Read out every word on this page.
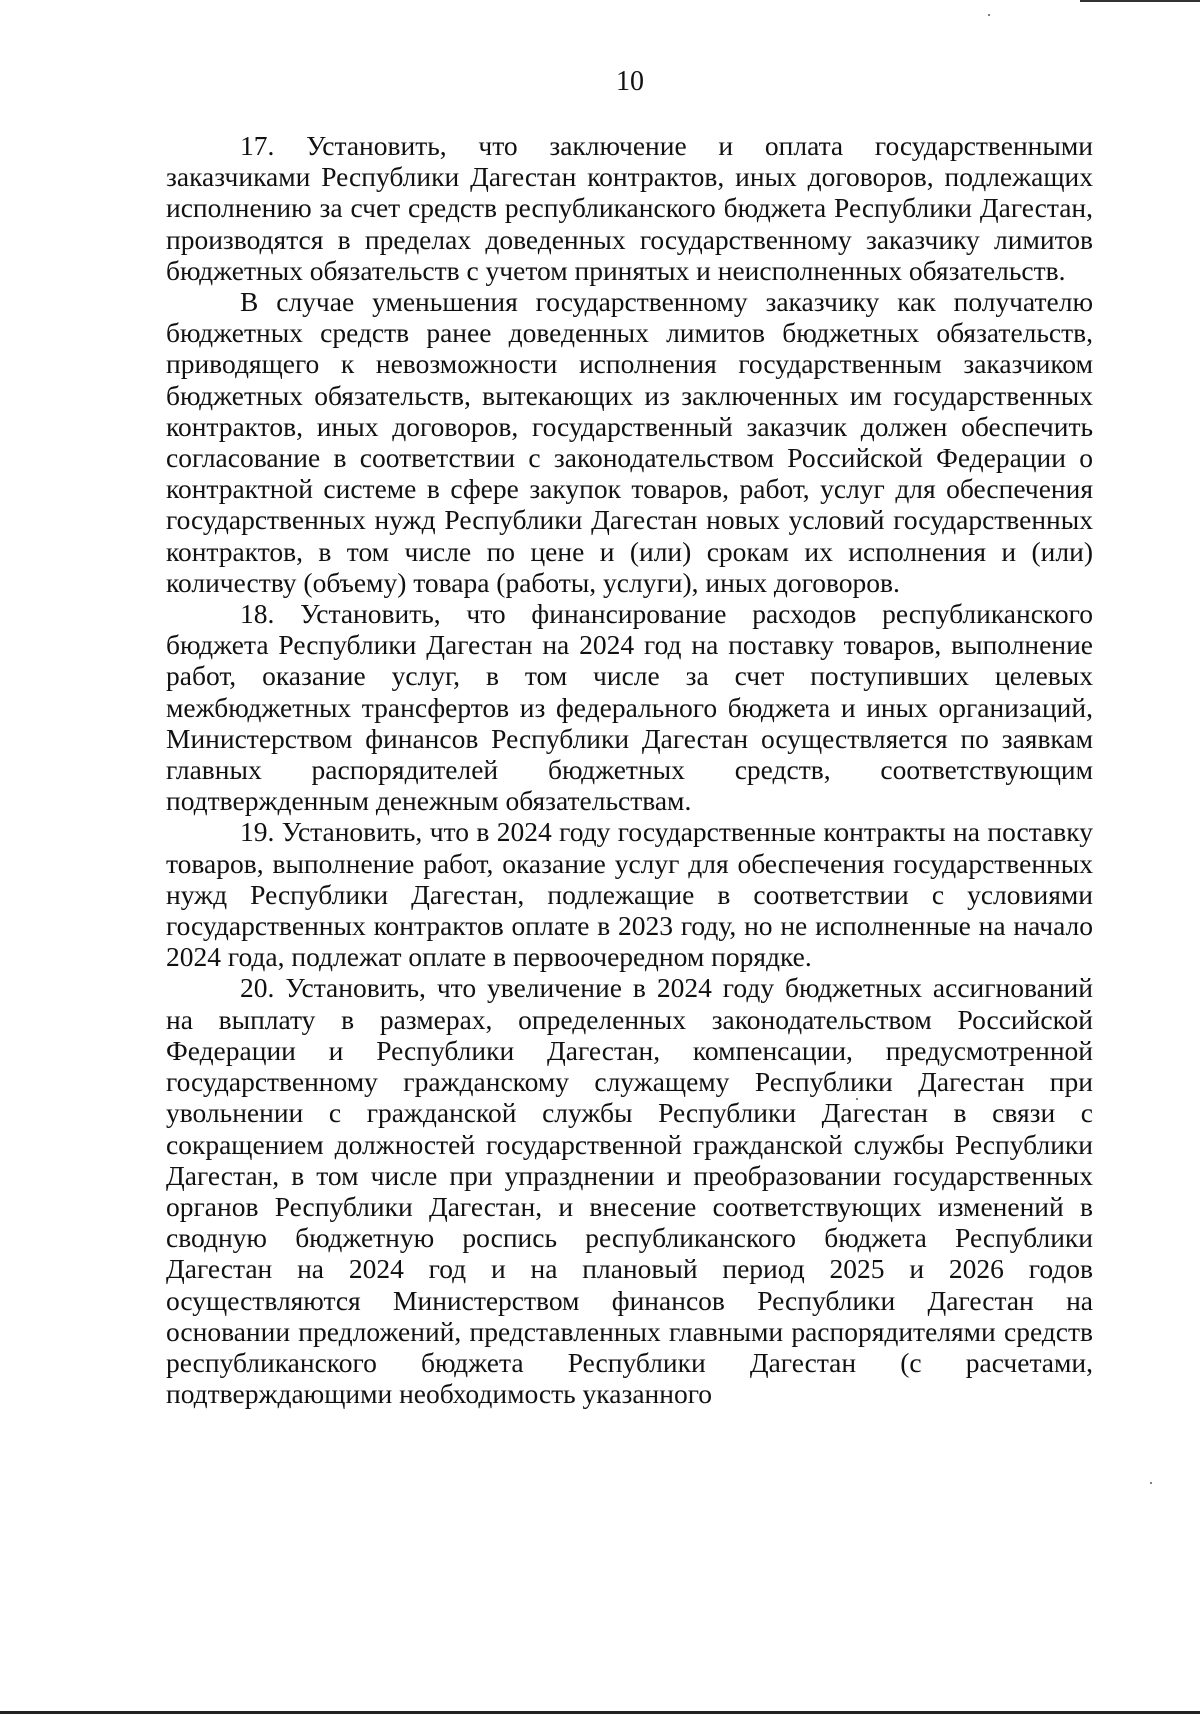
10

17. Установить, что заключение и оплата государственными заказчиками Республики Дагестан контрактов, иных договоров, подлежащих исполнению за счет средств республиканского бюджета Республики Дагестан, производятся в пределах доведенных государственному заказчику лимитов бюджетных обязательств с учетом принятых и неисполненных обязательств.

В случае уменьшения государственному заказчику как получателю бюджетных средств ранее доведенных лимитов бюджетных обязательств, приводящего к невозможности исполнения государственным заказчиком бюджетных обязательств, вытекающих из заключенных им государственных контрактов, иных договоров, государственный заказчик должен обеспечить согласование в соответствии с законодательством Российской Федерации о контрактной системе в сфере закупок товаров, работ, услуг для обеспечения государственных нужд Республики Дагестан новых условий государственных контрактов, в том числе по цене и (или) срокам их исполнения и (или) количеству (объему) товара (работы, услуги), иных договоров.

18. Установить, что финансирование расходов республиканского бюджета Республики Дагестан на 2024 год на поставку товаров, выполнение работ, оказание услуг, в том числе за счет поступивших целевых межбюджетных трансфертов из федерального бюджета и иных организаций, Министерством финансов Республики Дагестан осуществляется по заявкам главных распорядителей бюджетных средств, соответствующим подтвержденным денежным обязательствам.

19. Установить, что в 2024 году государственные контракты на поставку товаров, выполнение работ, оказание услуг для обеспечения государственных нужд Республики Дагестан, подлежащие в соответствии с условиями государственных контрактов оплате в 2023 году, но не исполненные на начало 2024 года, подлежат оплате в первоочередном порядке.

20. Установить, что увеличение в 2024 году бюджетных ассигнований на выплату в размерах, определенных законодательством Российской Федерации и Республики Дагестан, компенсации, предусмотренной государственному гражданскому служащему Республики Дагестан при увольнении с гражданской службы Республики Дагестан в связи с сокращением должностей государственной гражданской службы Республики Дагестан, в том числе при упразднении и преобразовании государственных органов Республики Дагестан, и внесение соответствующих изменений в сводную бюджетную роспись республиканского бюджета Республики Дагестан на 2024 год и на плановый период 2025 и 2026 годов осуществляются Министерством финансов Республики Дагестан на основании предложений, представленных главными распорядителями средств республиканского бюджета Республики Дагестан (с расчетами, подтверждающими необходимость указанного
